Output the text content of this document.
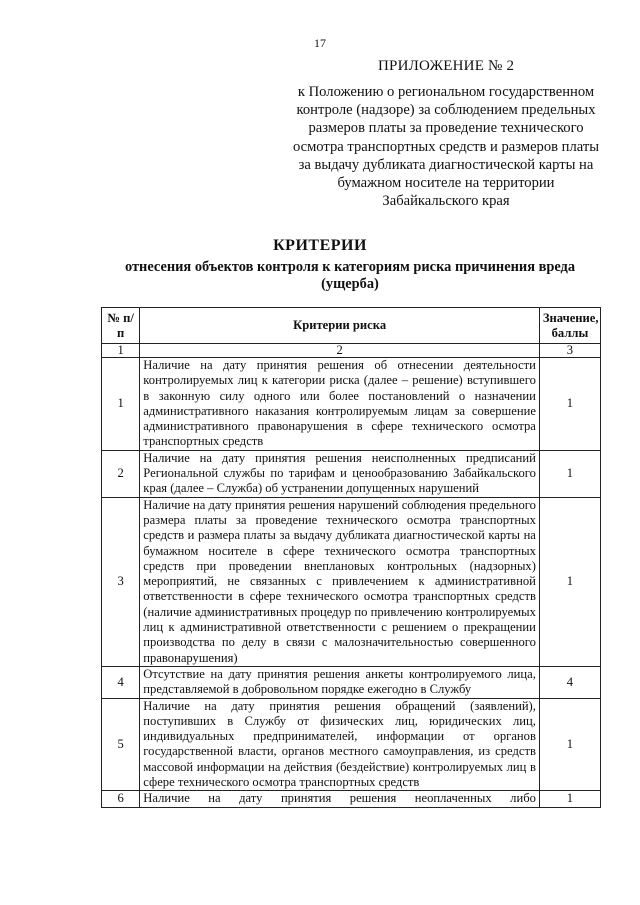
17
ПРИЛОЖЕНИЕ № 2
к Положению о региональном государственном
контроле (надзоре) за соблюдением предельных
размеров платы за проведение технического
осмотра транспортных средств и размеров платы
за выдачу дубликата диагностической карты на
бумажном носителе на территории
Забайкальского края
КРИТЕРИИ
отнесения объектов контроля к категориям риска причинения вреда
(ущерба)
№ п/п	Критерии риска	Значение, баллы
1	2	3
1	Наличие на дату принятия решения об отнесении деятельности контролируемых лиц к категории риска (далее – решение) вступившего в законную силу одного или более постановлений о назначении административного наказания контролируемым лицам за совершение административного правонарушения в сфере технического осмотра транспортных средств	1
2	Наличие на дату принятия решения неисполненных предписаний Региональной службы по тарифам и ценообразованию Забайкальского края (далее – Служба) об устранении допущенных нарушений	1
3	Наличие на дату принятия решения нарушений соблюдения предельного размера платы за проведение технического осмотра транспортных средств и размера платы за выдачу дубликата диагностической карты на бумажном носителе в сфере технического осмотра транспортных средств при проведении внеплановых контрольных (надзорных) мероприятий, не связанных с привлечением к административной ответственности в сфере технического осмотра транспортных средств (наличие административных процедур по привлечению контролируемых лиц к административной ответственности с решением о прекращении производства по делу в связи с малозначительностью совершенного правонарушения)	1
4	Отсутствие на дату принятия решения анкеты контролируемого лица, представляемой в добровольном порядке ежегодно в Службу	4
5	Наличие на дату принятия решения обращений (заявлений), поступивших в Службу от физических лиц, юридических лиц, индивидуальных предпринимателей, информации от органов государственной власти, органов местного самоуправления, из средств массовой информации на действия (бездействие) контролируемых лиц в сфере технического осмотра транспортных средств	1
6	Наличие на дату принятия решения неоплаченных либо	1
